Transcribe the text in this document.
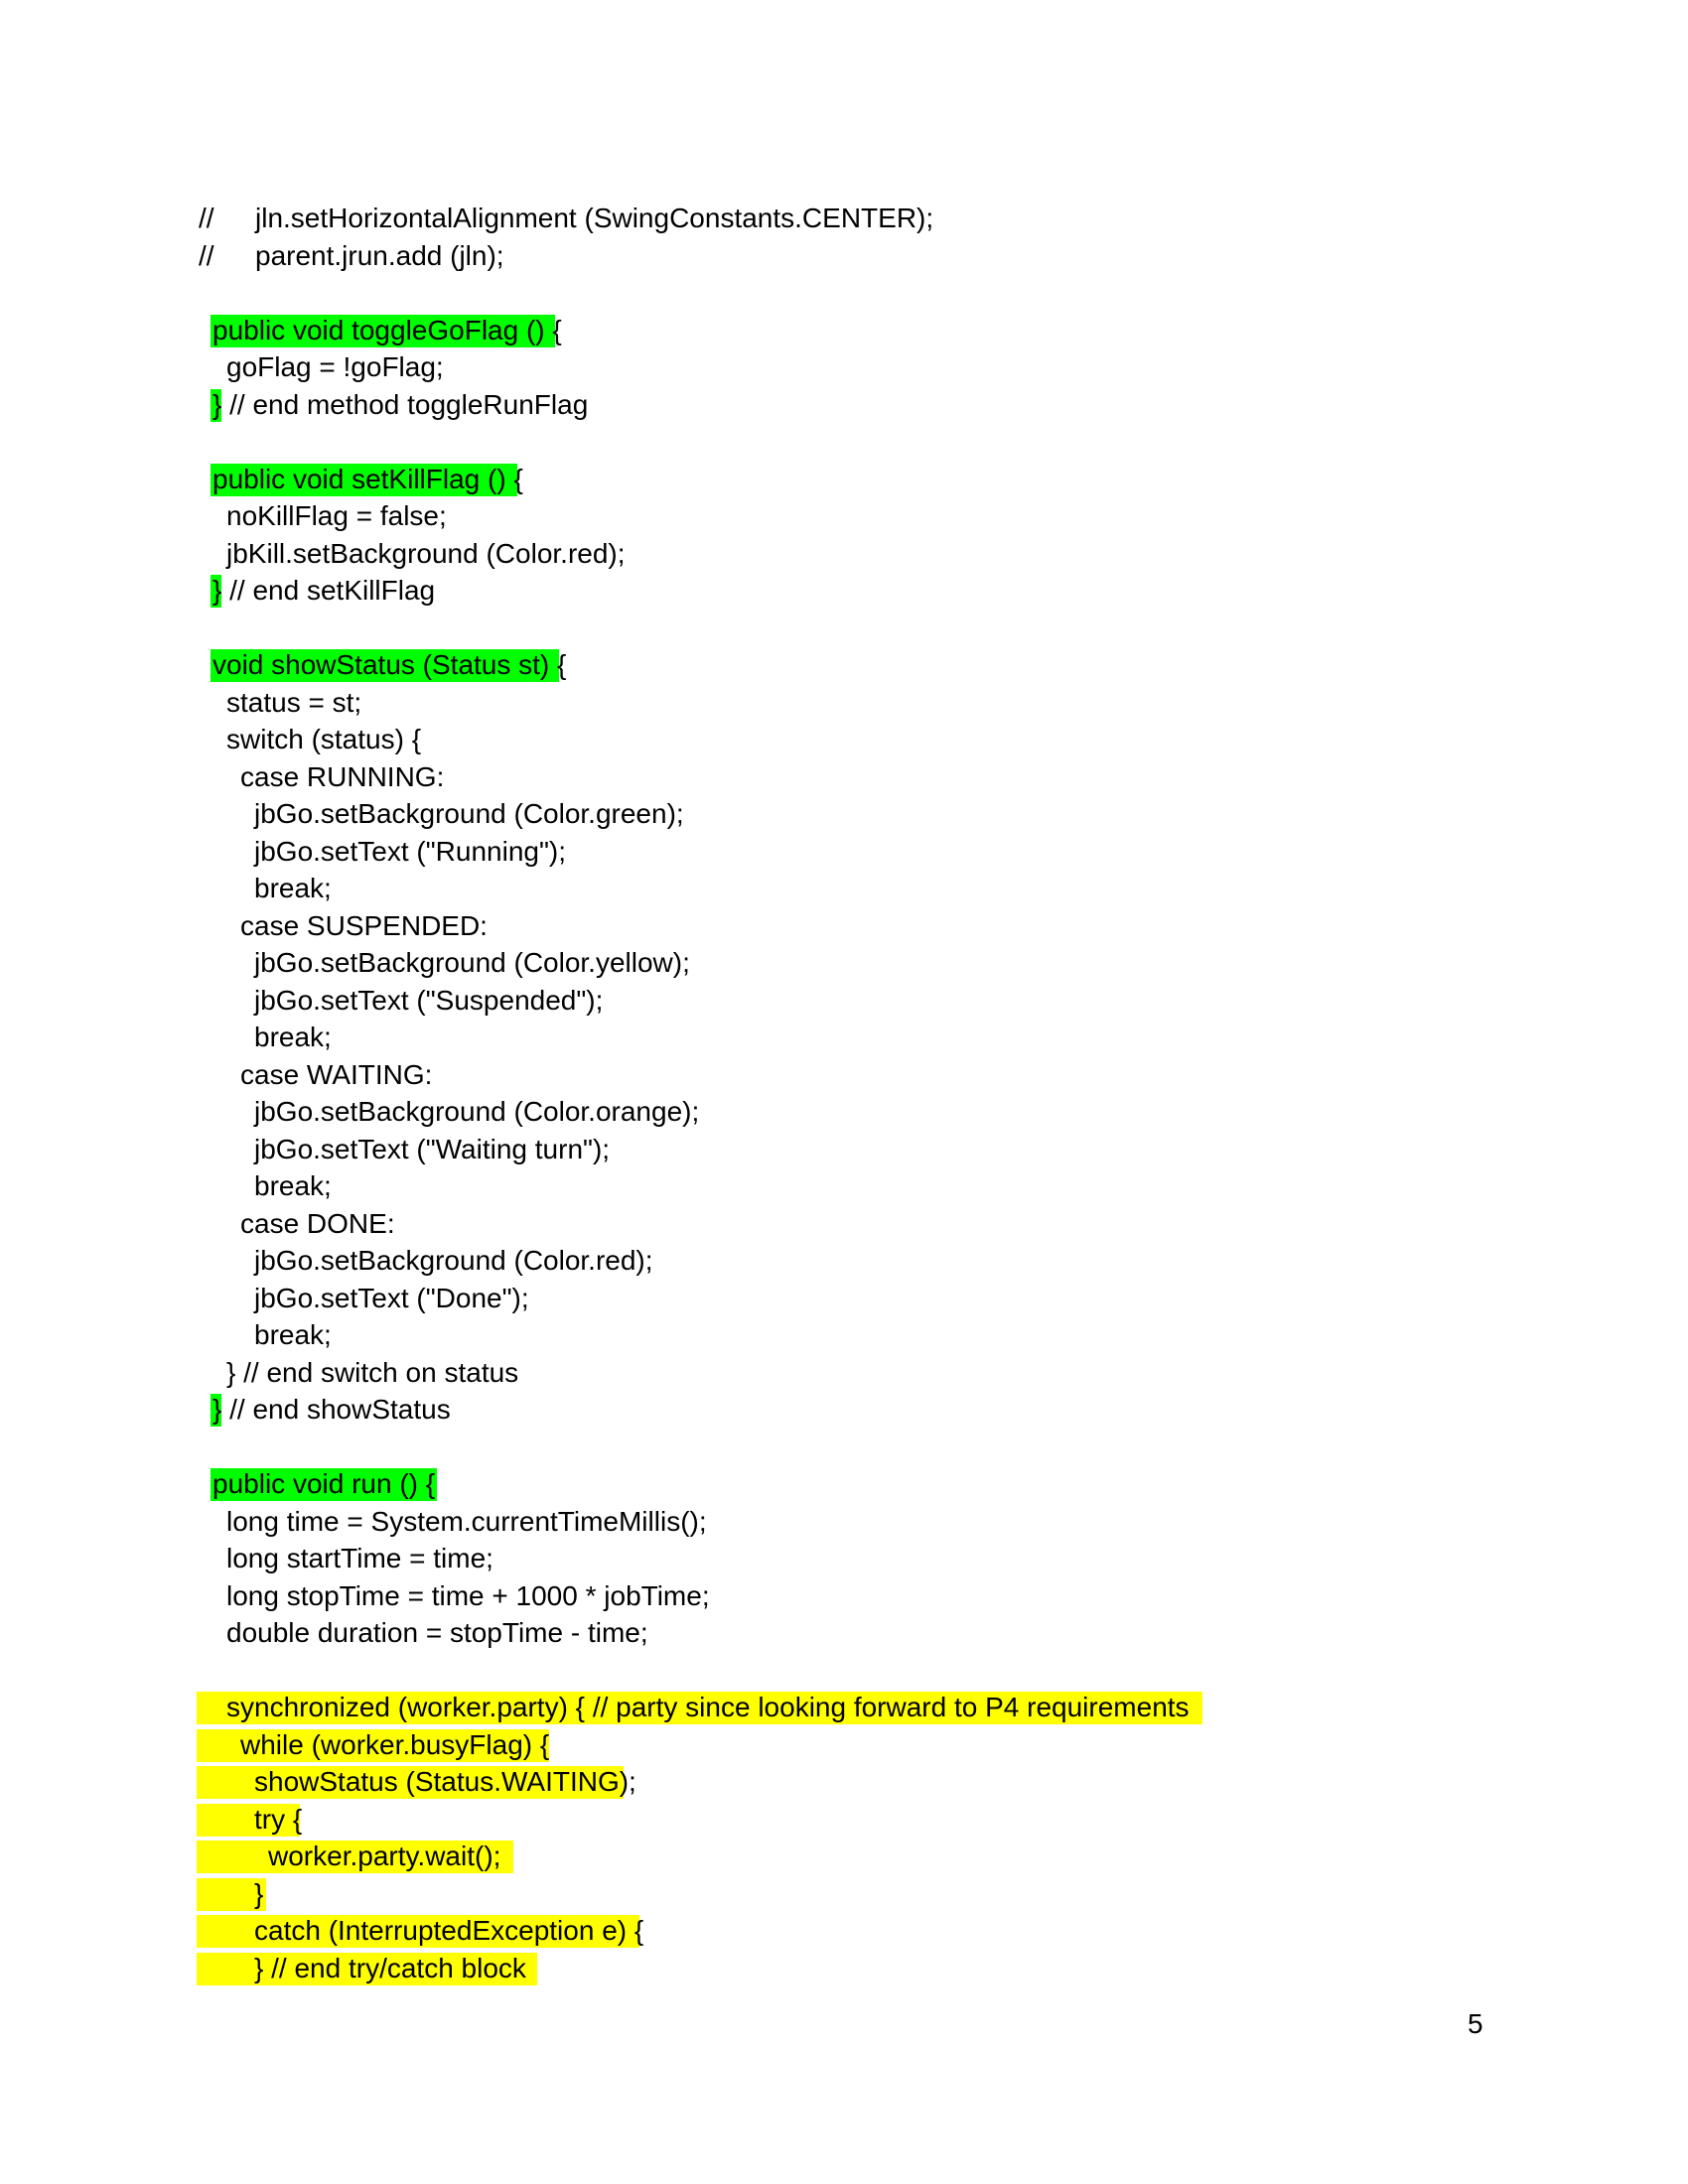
//

jln.setHorizontalAlignment (SwingConstants.CENTER);

//

parent.jrun.add (jln);

public void toggleGoFlag () {

goFlag = !goFlag;

} // end method toggleRunFlag

public void setKillFlag () {

noKillFlag = false;

jbKill.setBackground (Color.red);

} // end setKillFlag

void showStatus (Status st) {

status = st;

switch (status) {

case RUNNING:

jbGo.setBackground (Color.green);

jbGo.setText ("Running");

break;

case SUSPENDED:

jbGo.setBackground (Color.yellow);

jbGo.setText ("Suspended");

break;

case WAITING:

jbGo.setBackground (Color.orange);

jbGo.setText ("Waiting turn");

break;

case DONE:

jbGo.setBackground (Color.red);

jbGo.setText ("Done");

break;

} // end switch on status

} // end showStatus

public void run () {

long time = System.currentTimeMillis();

long startTime = time;

long stopTime = time + 1000 * jobTime;

double duration = stopTime - time;

synchronized (worker.party) { // party since looking forward to P4 requirements

while (worker.busyFlag) {

showStatus (Status.WAITING);

try {

worker.party.wait();

}

catch (InterruptedException e) {

} // end try/catch block

5
